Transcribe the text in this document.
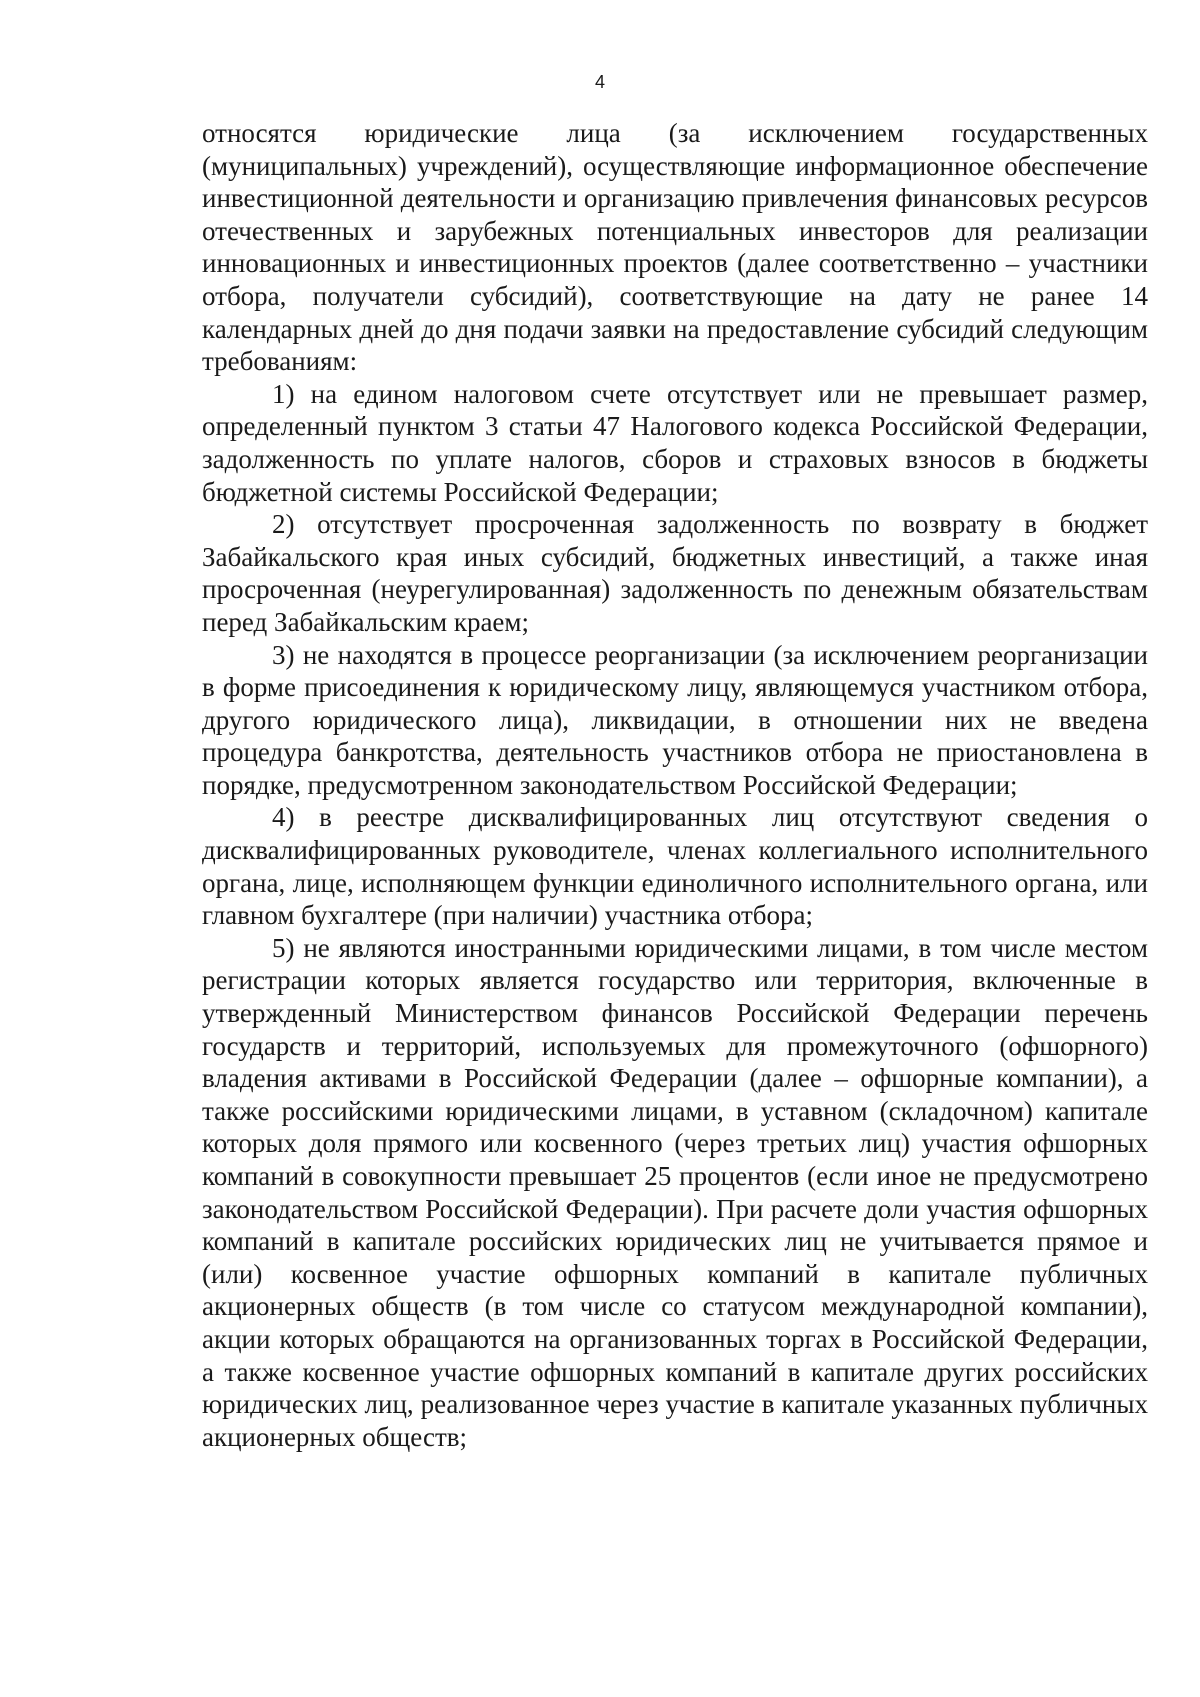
4

относятся юридические лица (за исключением государственных (муниципальных) учреждений), осуществляющие информационное обеспечение инвестиционной деятельности и организацию привлечения финансовых ресурсов отечественных и зарубежных потенциальных инвесторов для реализации инновационных и инвестиционных проектов (далее соответственно – участники отбора, получатели субсидий), соответствующие на дату не ранее 14 календарных дней до дня подачи заявки на предоставление субсидий следующим требованиям:

1) на едином налоговом счете отсутствует или не превышает размер, определенный пунктом 3 статьи 47 Налогового кодекса Российской Федерации, задолженность по уплате налогов, сборов и страховых взносов в бюджеты бюджетной системы Российской Федерации;

2) отсутствует просроченная задолженность по возврату в бюджет Забайкальского края иных субсидий, бюджетных инвестиций, а также иная просроченная (неурегулированная) задолженность по денежным обязательствам перед Забайкальским краем;

3) не находятся в процессе реорганизации (за исключением реорганизации в форме присоединения к юридическому лицу, являющемуся участником отбора, другого юридического лица), ликвидации, в отношении них не введена процедура банкротства, деятельность участников отбора не приостановлена в порядке, предусмотренном законодательством Российской Федерации;

4) в реестре дисквалифицированных лиц отсутствуют сведения о дисквалифицированных руководителе, членах коллегиального исполнительного органа, лице, исполняющем функции единоличного исполнительного органа, или главном бухгалтере (при наличии) участника отбора;

5) не являются иностранными юридическими лицами, в том числе местом регистрации которых является государство или территория, включенные в утвержденный Министерством финансов Российской Федерации перечень государств и территорий, используемых для промежуточного (офшорного) владения активами в Российской Федерации (далее – офшорные компании), а также российскими юридическими лицами, в уставном (складочном) капитале которых доля прямого или косвенного (через третьих лиц) участия офшорных компаний в совокупности превышает 25 процентов (если иное не предусмотрено законодательством Российской Федерации). При расчете доли участия офшорных компаний в капитале российских юридических лиц не учитывается прямое и (или) косвенное участие офшорных компаний в капитале публичных акционерных обществ (в том числе со статусом международной компании), акции которых обращаются на организованных торгах в Российской Федерации, а также косвенное участие офшорных компаний в капитале других российских юридических лиц, реализованное через участие в капитале указанных публичных акционерных обществ;
